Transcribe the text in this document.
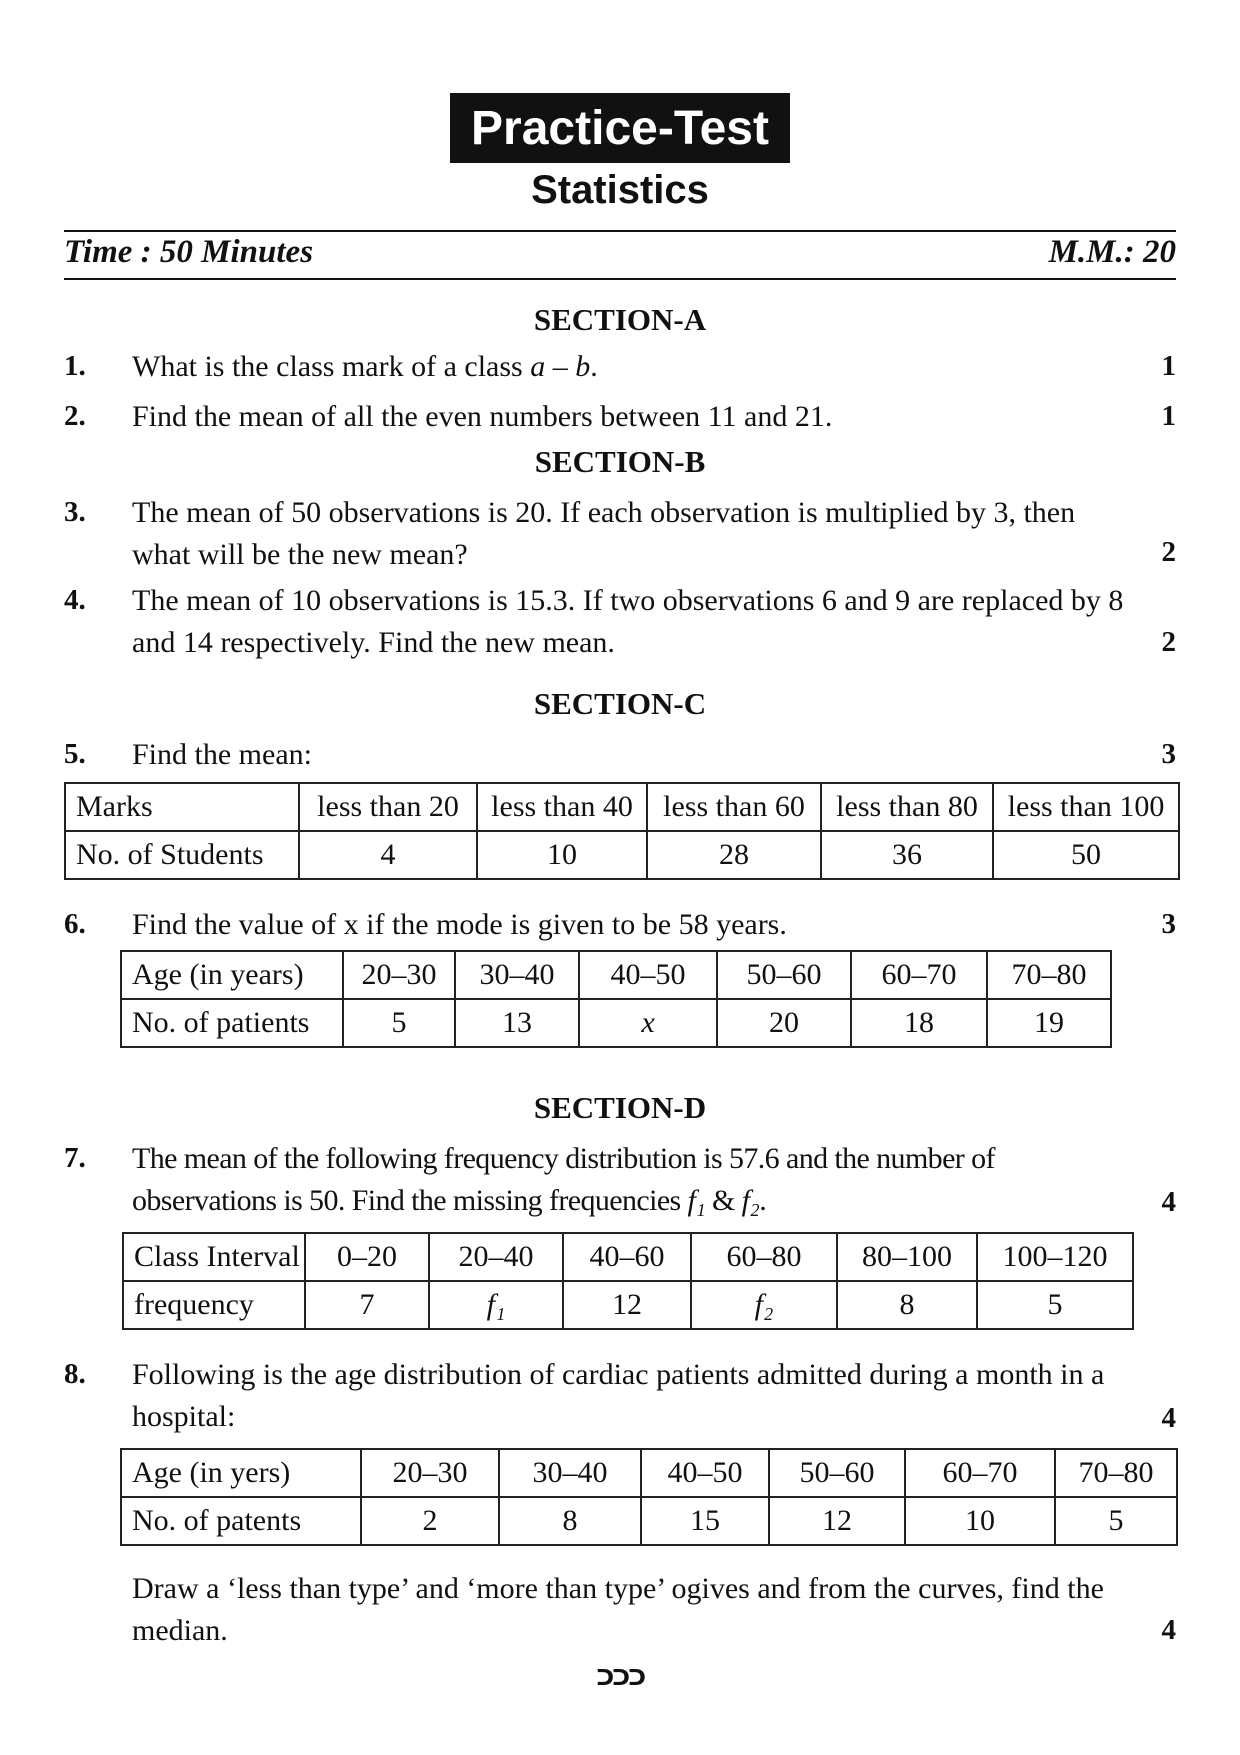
Practice-Test
Statistics
Time : 50 Minutes	M.M.: 20
SECTION-A
1. What is the class mark of a class a – b.	1
2. Find the mean of all the even numbers between 11 and 21.	1
SECTION-B
3. The mean of 50 observations is 20. If each observation is multiplied by 3, then what will be the new mean?	2
4. The mean of 10 observations is 15.3. If two observations 6 and 9 are replaced by 8 and 14 respectively. Find the new mean.	2
SECTION-C
5. Find the mean:	3
Marks	less than 20	less than 40	less than 60	less than 80	less than 100
No. of Students	4	10	28	36	50
6. Find the value of x if the mode is given to be 58 years.	3
Age (in years)	20–30	30–40	40–50	50–60	60–70	70–80
No. of patients	5	13	x	20	18	19
SECTION-D
7. The mean of the following frequency distribution is 57.6 and the number of observations is 50. Find the missing frequencies f₁ & f₂.	4
Class Interval	0–20	20–40	40–60	60–80	80–100	100–120
frequency	7	f₁	12	f₂	8	5
8. Following is the age distribution of cardiac patients admitted during a month in a hospital:	4
Age (in yers)	20–30	30–40	40–50	50–60	60–70	70–80
No. of patents	2	8	15	12	10	5
Draw a ‘less than type’ and ‘more than type’ ogives and from the curves, find the median.	4
ᑐᑐᑐ
